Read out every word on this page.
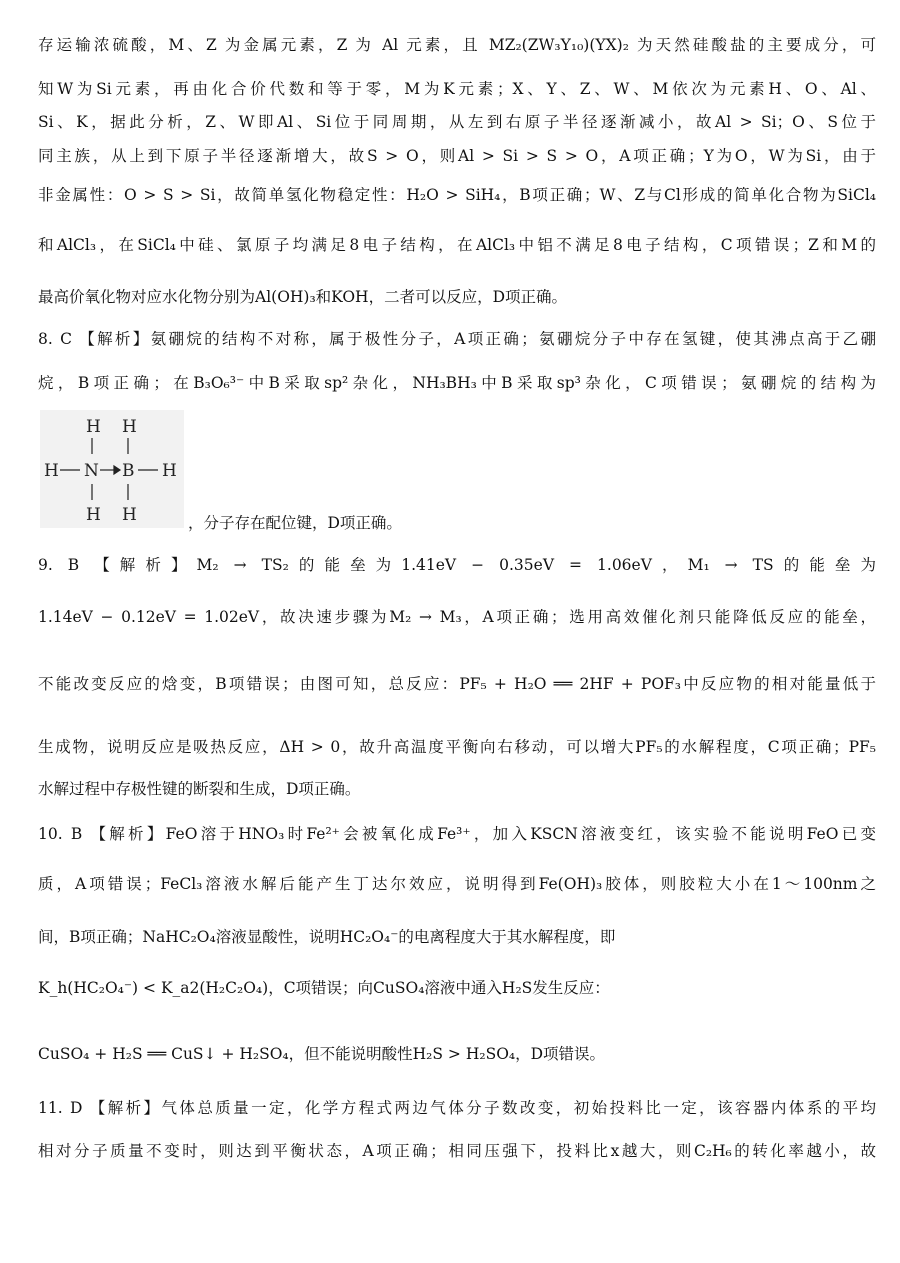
存运输浓硫酸，M、Z 为金属元素，Z 为 Al 元素，且 MZ₂(ZW₃Y₁₀)(YX)₂ 为天然硅酸盐的主要成分，可
知W为Si元素，再由化合价代数和等于零，M为K元素；X、Y、Z、W、M依次为元素H、O、Al、
Si、K，据此分析，Z、W即Al、Si位于同周期，从左到右原子半径逐渐减小，故Al > Si；O、S位于
同主族，从上到下原子半径逐渐增大，故S > O，则Al > Si > S > O，A项正确；Y为O，W为Si，由于
非金属性：O > S > Si，故简单氢化物稳定性：H₂O > SiH₄，B项正确；W、Z与Cl形成的简单化合物为SiCl₄
和AlCl₃，在SiCl₄中硅、氯原子均满足8电子结构，在AlCl₃中铝不满足8电子结构，C项错误；Z和M的
最高价氧化物对应水化物分别为Al(OH)₃和KOH，二者可以反应，D项正确。
8. C 【解析】氨硼烷的结构不对称，属于极性分子，A项正确；氨硼烷分子中存在氢键，使其沸点高于乙硼
烷，B项正确；在B₃O₆³⁻中B采取sp²杂化，NH₃BH₃中B采取sp³杂化，C项错误；氨硼烷的结构为
H H
H N B H
H H	，分子存在配位键，D项正确。
9. B 【解析】M₂ → TS₂的能垒为1.41eV − 0.35eV = 1.06eV，M₁ → TS的能垒为
1.14eV − 0.12eV = 1.02eV，故决速步骤为M₂ → M₃，A项正确；选用高效催化剂只能降低反应的能垒，
不能改变反应的焓变，B项错误；由图可知，总反应：PF₅ + H₂O ══ 2HF + POF₃中反应物的相对能量低于
生成物，说明反应是吸热反应，ΔH > 0，故升高温度平衡向右移动，可以增大PF₅的水解程度，C项正确；PF₅
水解过程中存极性键的断裂和生成，D项正确。
10. B 【解析】FeO溶于HNO₃时Fe²⁺会被氧化成Fe³⁺，加入KSCN溶液变红，该实验不能说明FeO已变
质，A项错误；FeCl₃溶液水解后能产生丁达尔效应，说明得到Fe(OH)₃胶体，则胶粒大小在1～100nm之
间，B项正确；NaHC₂O₄溶液显酸性，说明HC₂O₄⁻的电离程度大于其水解程度，即
K_h(HC₂O₄⁻) < K_a2(H₂C₂O₄)，C项错误；向CuSO₄溶液中通入H₂S发生反应：
CuSO₄ + H₂S ══ CuS↓ + H₂SO₄，但不能说明酸性H₂S > H₂SO₄，D项错误。
11. D 【解析】气体总质量一定，化学方程式两边气体分子数改变，初始投料比一定，该容器内体系的平均
相对分子质量不变时，则达到平衡状态，A项正确；相同压强下，投料比x越大，则C₂H₆的转化率越小，故
